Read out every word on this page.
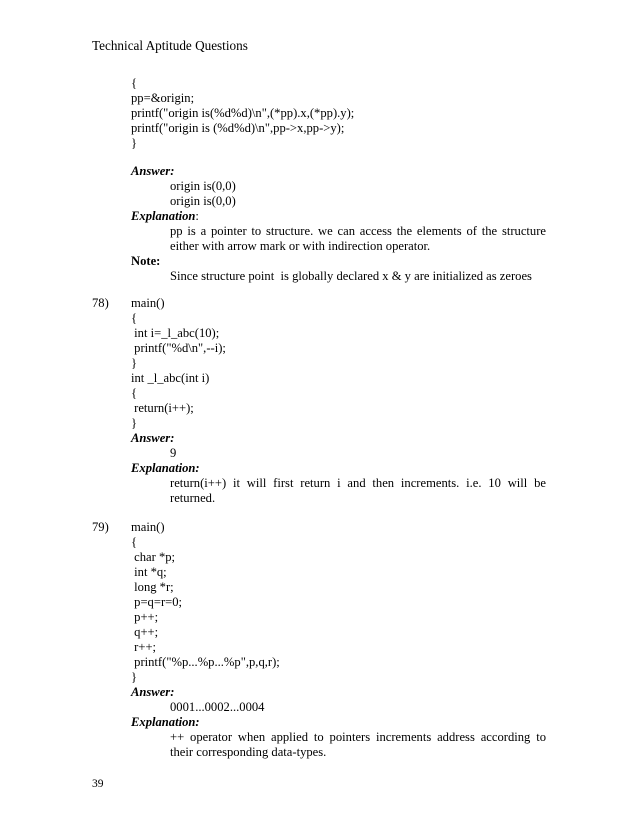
Technical Aptitude Questions
{
pp=&origin;
printf("origin is(%d%d)\n",(*pp).x,(*pp).y);
printf("origin is (%d%d)\n",pp->x,pp->y);
}
Answer:
origin is(0,0)
origin is(0,0)
Explanation:
pp is a pointer to structure. we can access the elements of the structure
either with arrow mark or with indirection operator.
Note:
Since structure point  is globally declared x & y are initialized as zeroes
78) main()
{
int i=_l_abc(10);
printf("%d\n",--i);
}
int _l_abc(int i)
{
return(i++);
}
Answer:
9
Explanation:
return(i++) it will first return i and then increments. i.e. 10 will be
returned.
79) main()
{
char *p;
int *q;
long *r;
p=q=r=0;
p++;
q++;
r++;
printf("%p...%p...%p",p,q,r);
}
Answer:
0001...0002...0004
Explanation:
++ operator when applied to pointers increments address according to
their corresponding data-types.
39
